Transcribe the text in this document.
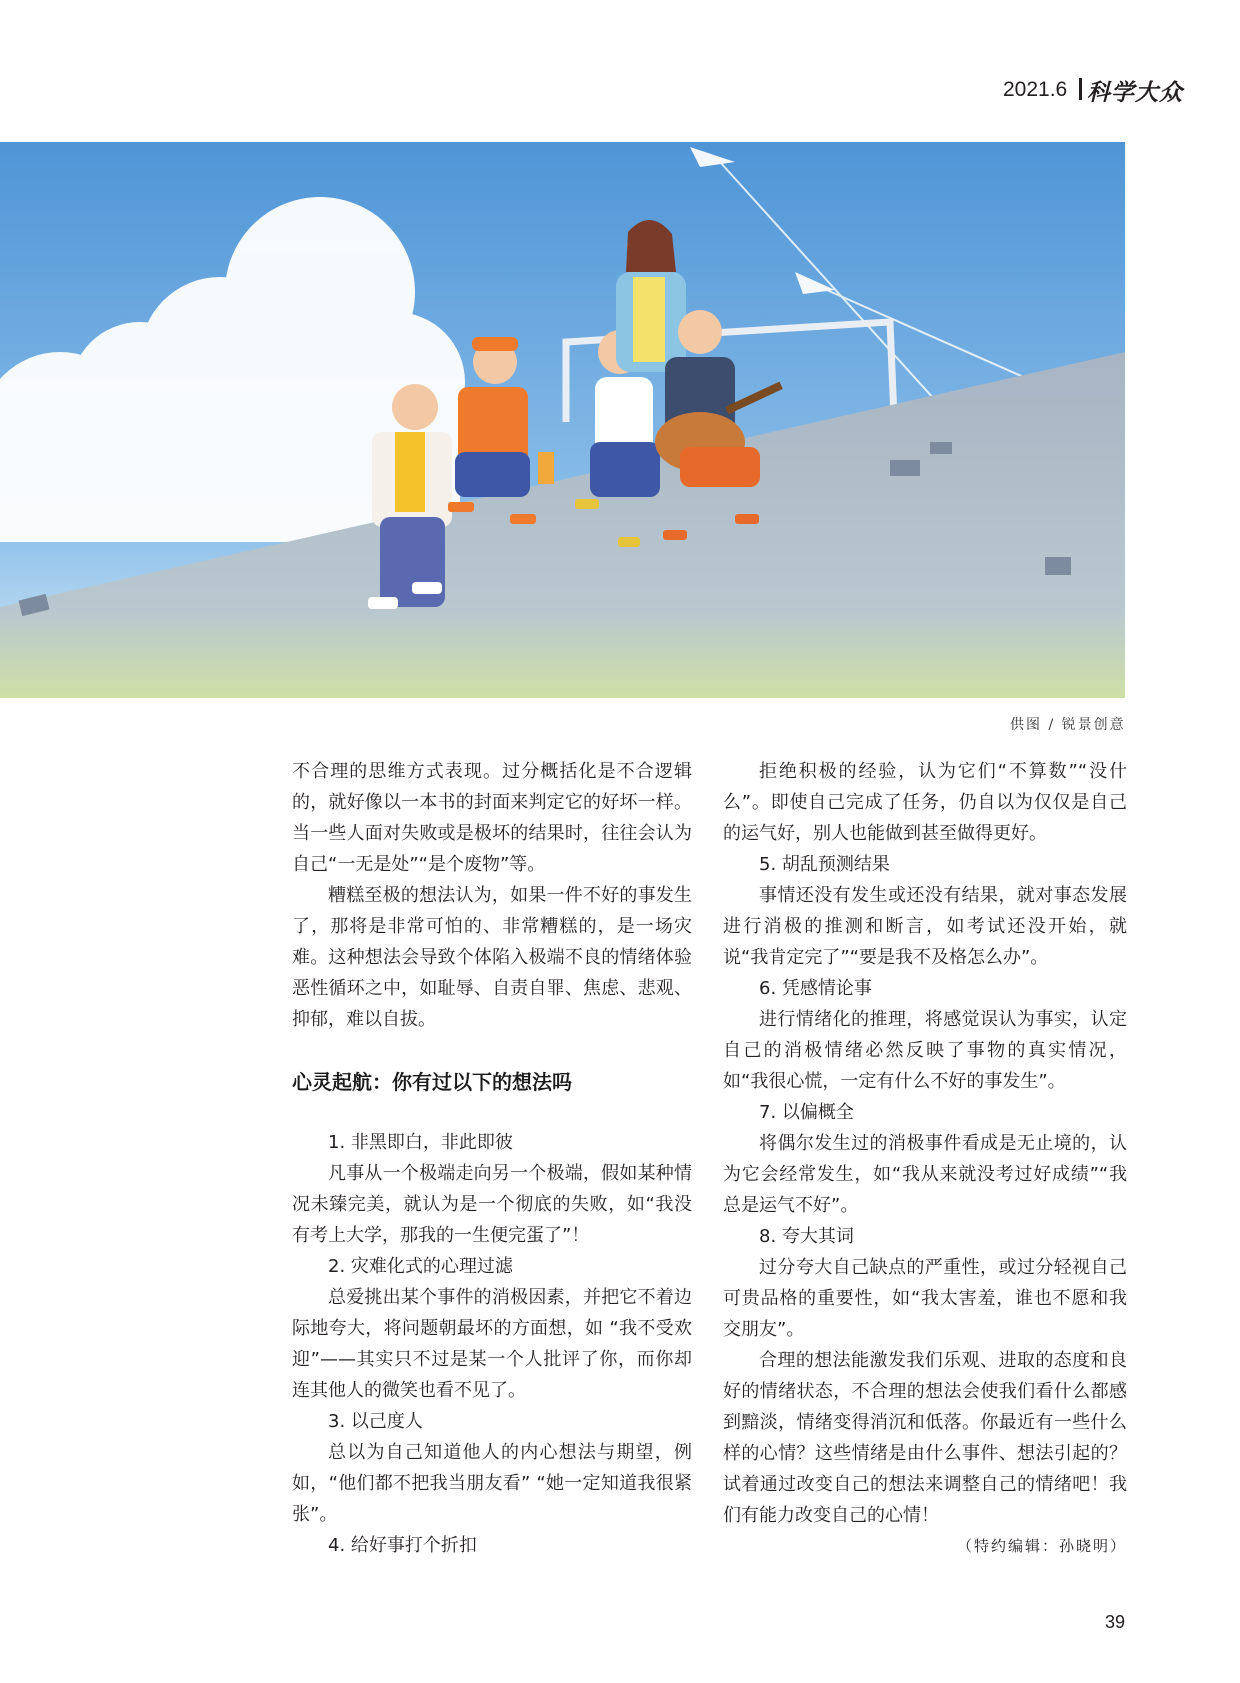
2021.6 科学大众
供图 / 锐景创意

不合理的思维方式表现。过分概括化是不合逻辑的，就好像以一本书的封面来判定它的好坏一样。当一些人面对失败或是极坏的结果时，往往会认为自己“一无是处”“是个废物”等。

糟糕至极的想法认为，如果一件不好的事发生了，那将是非常可怕的、非常糟糕的，是一场灾难。这种想法会导致个体陷入极端不良的情绪体验恶性循环之中，如耻辱、自责自罪、焦虑、悲观、抑郁，难以自拔。

心灵起航：你有过以下的想法吗

1. 非黑即白，非此即彼

凡事从一个极端走向另一个极端，假如某种情况未臻完美，就认为是一个彻底的失败，如“我没有考上大学，那我的一生便完蛋了”！

2. 灾难化式的心理过滤

总爱挑出某个事件的消极因素，并把它不着边际地夸大，将问题朝最坏的方面想，如 “我不受欢迎”——其实只不过是某一个人批评了你，而你却连其他人的微笑也看不见了。

3. 以己度人

总以为自己知道他人的内心想法与期望，例如，“他们都不把我当朋友看” “她一定知道我很紧张”。

4. 给好事打个折扣

拒绝积极的经验，认为它们“不算数”“没什么”。即使自己完成了任务，仍自以为仅仅是自己的运气好，别人也能做到甚至做得更好。

5. 胡乱预测结果

事情还没有发生或还没有结果，就对事态发展进行消极的推测和断言，如考试还没开始，就说“我肯定完了”“要是我不及格怎么办”。

6. 凭感情论事

进行情绪化的推理，将感觉误认为事实，认定自己的消极情绪必然反映了事物的真实情况，如“我很心慌，一定有什么不好的事发生”。

7. 以偏概全

将偶尔发生过的消极事件看成是无止境的，认为它会经常发生，如“我从来就没考过好成绩”“我总是运气不好”。

8. 夸大其词

过分夸大自己缺点的严重性，或过分轻视自己可贵品格的重要性，如“我太害羞，谁也不愿和我交朋友”。

合理的想法能激发我们乐观、进取的态度和良好的情绪状态，不合理的想法会使我们看什么都感到黯淡，情绪变得消沉和低落。你最近有一些什么样的心情？这些情绪是由什么事件、想法引起的？试着通过改变自己的想法来调整自己的情绪吧！我们有能力改变自己的心情！

（特约编辑：孙晓明）

39
